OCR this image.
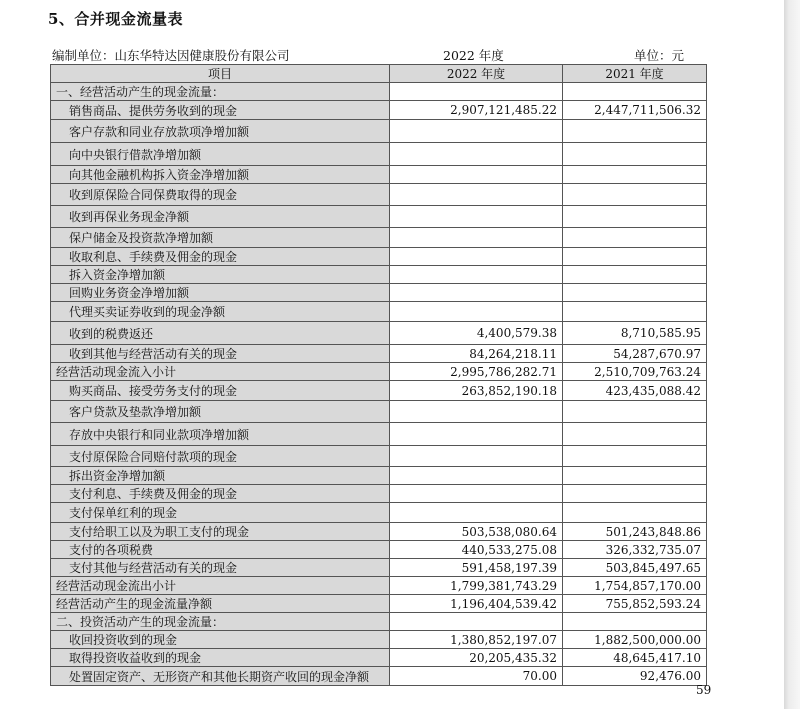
5、合并现金流量表
编制单位：山东华特达因健康股份有限公司	2022 年度	单位：元
项目	2022 年度	2021 年度
一、经营活动产生的现金流量：		
销售商品、提供劳务收到的现金	2,907,121,485.22	2,447,711,506.32
客户存款和同业存放款项净增加额		
向中央银行借款净增加额		
向其他金融机构拆入资金净增加额		
收到原保险合同保费取得的现金		
收到再保业务现金净额		
保户储金及投资款净增加额		
收取利息、手续费及佣金的现金		
拆入资金净增加额		
回购业务资金净增加额		
代理买卖证券收到的现金净额		
收到的税费返还	4,400,579.38	8,710,585.95
收到其他与经营活动有关的现金	84,264,218.11	54,287,670.97
经营活动现金流入小计	2,995,786,282.71	2,510,709,763.24
购买商品、接受劳务支付的现金	263,852,190.18	423,435,088.42
客户贷款及垫款净增加额		
存放中央银行和同业款项净增加额		
支付原保险合同赔付款项的现金		
拆出资金净增加额		
支付利息、手续费及佣金的现金		
支付保单红利的现金		
支付给职工以及为职工支付的现金	503,538,080.64	501,243,848.86
支付的各项税费	440,533,275.08	326,332,735.07
支付其他与经营活动有关的现金	591,458,197.39	503,845,497.65
经营活动现金流出小计	1,799,381,743.29	1,754,857,170.00
经营活动产生的现金流量净额	1,196,404,539.42	755,852,593.24
二、投资活动产生的现金流量：		
收回投资收到的现金	1,380,852,197.07	1,882,500,000.00
取得投资收益收到的现金	20,205,435.32	48,645,417.10
处置固定资产、无形资产和其他长期资产收回的现金净额	70.00	92,476.00
59
